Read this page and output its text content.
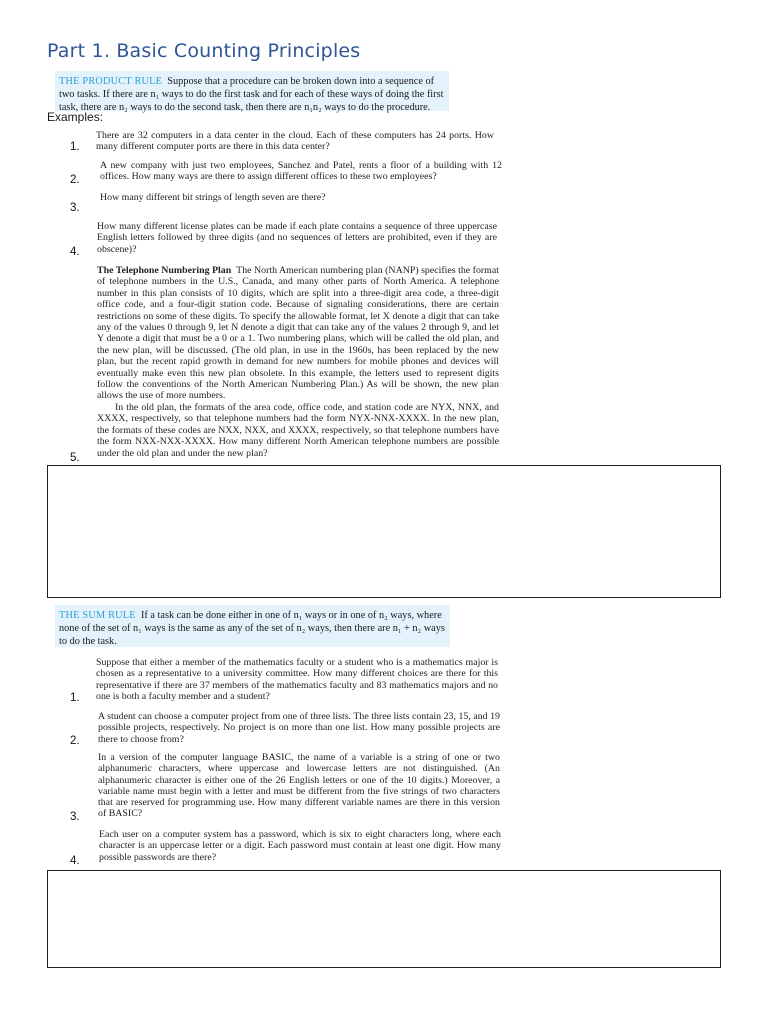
Part 1. Basic Counting Principles
THE PRODUCT RULE Suppose that a procedure can be broken down into a sequence of two tasks. If there are n₁ ways to do the first task and for each of these ways of doing the first task, there are n₂ ways to do the second task, then there are n₁n₂ ways to do the procedure.
Examples:
1.
There are 32 computers in a data center in the cloud. Each of these computers has 24 ports. How many different computer ports are there in this data center?
2.
A new company with just two employees, Sanchez and Patel, rents a floor of a building with 12 offices. How many ways are there to assign different offices to these two employees?
3.
How many different bit strings of length seven are there?
4.
How many different license plates can be made if each plate contains a sequence of three uppercase English letters followed by three digits (and no sequences of letters are prohibited, even if they are obscene)?
5.

The Telephone Numbering Plan The North American numbering plan (NANP) specifies the format of telephone numbers in the U.S., Canada, and many other parts of North America. A telephone number in this plan consists of 10 digits, which are split into a three-digit area code, a three-digit office code, and a four-digit station code. Because of signaling considerations, there are certain restrictions on some of these digits. To specify the allowable format, let X denote a digit that can take any of the values 0 through 9, let N denote a digit that can take any of the values 2 through 9, and let Y denote a digit that must be a 0 or a 1. Two numbering plans, which will be called the old plan, and the new plan, will be discussed. (The old plan, in use in the 1960s, has been replaced by the new plan, but the recent rapid growth in demand for new numbers for mobile phones and devices will eventually make even this new plan obsolete. In this example, the letters used to represent digits follow the conventions of the North American Numbering Plan.) As will be shown, the new plan allows the use of more numbers.

In the old plan, the formats of the area code, office code, and station code are NYX, NNX, and XXXX, respectively, so that telephone numbers had the form NYX-NNX-XXXX. In the new plan, the formats of these codes are NXX, NXX, and XXXX, respectively, so that telephone numbers have the form NXX-NXX-XXXX. How many different North American telephone numbers are possible under the old plan and under the new plan?

THE SUM RULE If a task can be done either in one of n₁ ways or in one of n₂ ways, where none of the set of n₁ ways is the same as any of the set of n₂ ways, then there are n₁ + n₂ ways to do the task.
1.
Suppose that either a member of the mathematics faculty or a student who is a mathematics major is chosen as a representative to a university committee. How many different choices are there for this representative if there are 37 members of the mathematics faculty and 83 mathematics majors and no one is both a faculty member and a student?
2.
A student can choose a computer project from one of three lists. The three lists contain 23, 15, and 19 possible projects, respectively. No project is on more than one list. How many possible projects are there to choose from?
3.
In a version of the computer language BASIC, the name of a variable is a string of one or two alphanumeric characters, where uppercase and lowercase letters are not distinguished. (An alphanumeric character is either one of the 26 English letters or one of the 10 digits.) Moreover, a variable name must begin with a letter and must be different from the five strings of two characters that are reserved for programming use. How many different variable names are there in this version of BASIC?
4.
Each user on a computer system has a password, which is six to eight characters long, where each character is an uppercase letter or a digit. Each password must contain at least one digit. How many possible passwords are there?
